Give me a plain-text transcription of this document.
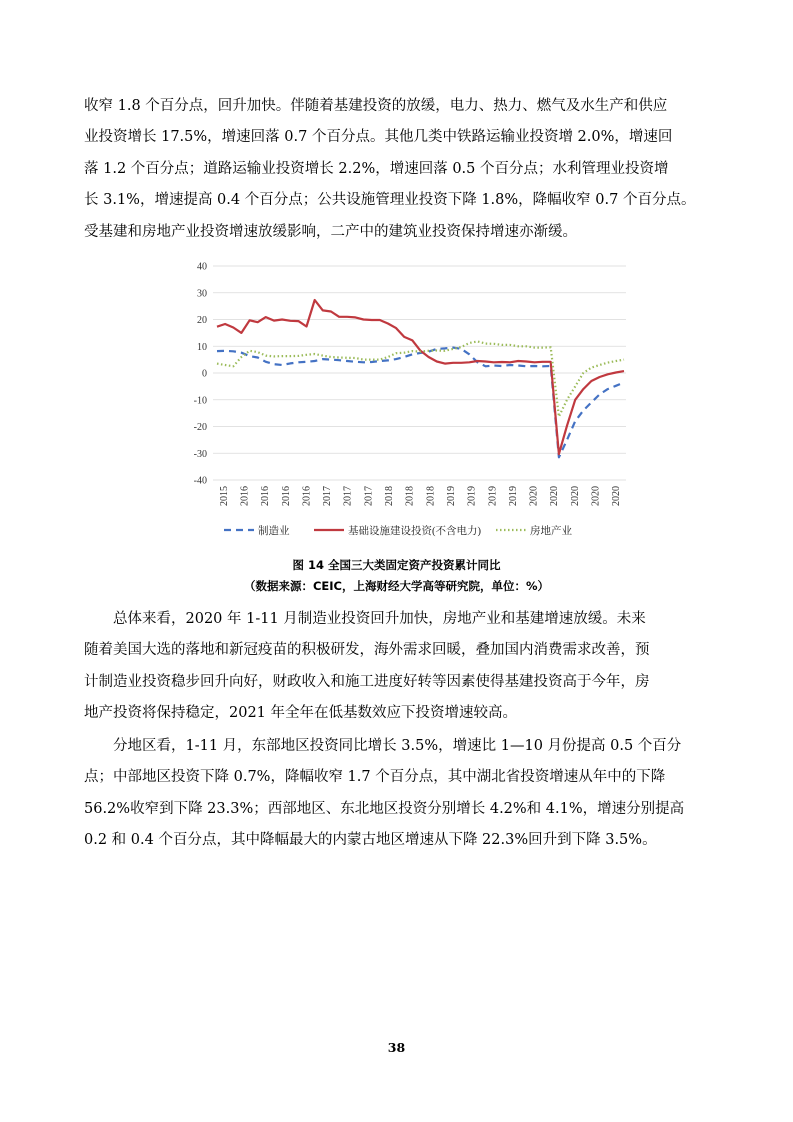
收窄 1.8 个百分点，回升加快。伴随着基建投资的放缓，电力、热力、燃气及水生产和供应
业投资增长 17.5%，增速回落 0.7 个百分点。其他几类中铁路运输业投资增 2.0%，增速回
落 1.2 个百分点；道路运输业投资增长 2.2%，增速回落 0.5 个百分点；水利管理业投资增
长 3.1%，增速提高 0.4 个百分点；公共设施管理业投资下降 1.8%，降幅收窄 0.7 个百分点。
受基建和房地产业投资增速放缓影响，二产中的建筑业投资保持增速亦渐缓。
40
30
20
10
0
-10
-20
-30
-40
2015 2016 2016 2016 2016 2017 2017 2017 2018 2018 2018 2019 2019 2019 2019 2020 2020 2020 2020 2020
制造业	基础设施建设投资(不含电力)	房地产业

图 14 全国三大类固定资产投资累计同比

（数据来源：CEIC，上海财经大学高等研究院，单位：%）

总体来看，2020 年 1-11 月制造业投资回升加快，房地产业和基建增速放缓。未来
随着美国大选的落地和新冠疫苗的积极研发，海外需求回暖，叠加国内消费需求改善，预
计制造业投资稳步回升向好，财政收入和施工进度好转等因素使得基建投资高于今年，房
地产投资将保持稳定，2021 年全年在低基数效应下投资增速较高。
分地区看，1-11 月，东部地区投资同比增长 3.5%，增速比 1—10 月份提高 0.5 个百分
点；中部地区投资下降 0.7%，降幅收窄 1.7 个百分点，其中湖北省投资增速从年中的下降
56.2%收窄到下降 23.3%；西部地区、东北地区投资分别增长 4.2%和 4.1%，增速分别提高
0.2 和 0.4 个百分点，其中降幅最大的内蒙古地区增速从下降 22.3%回升到下降 3.5%。
38
